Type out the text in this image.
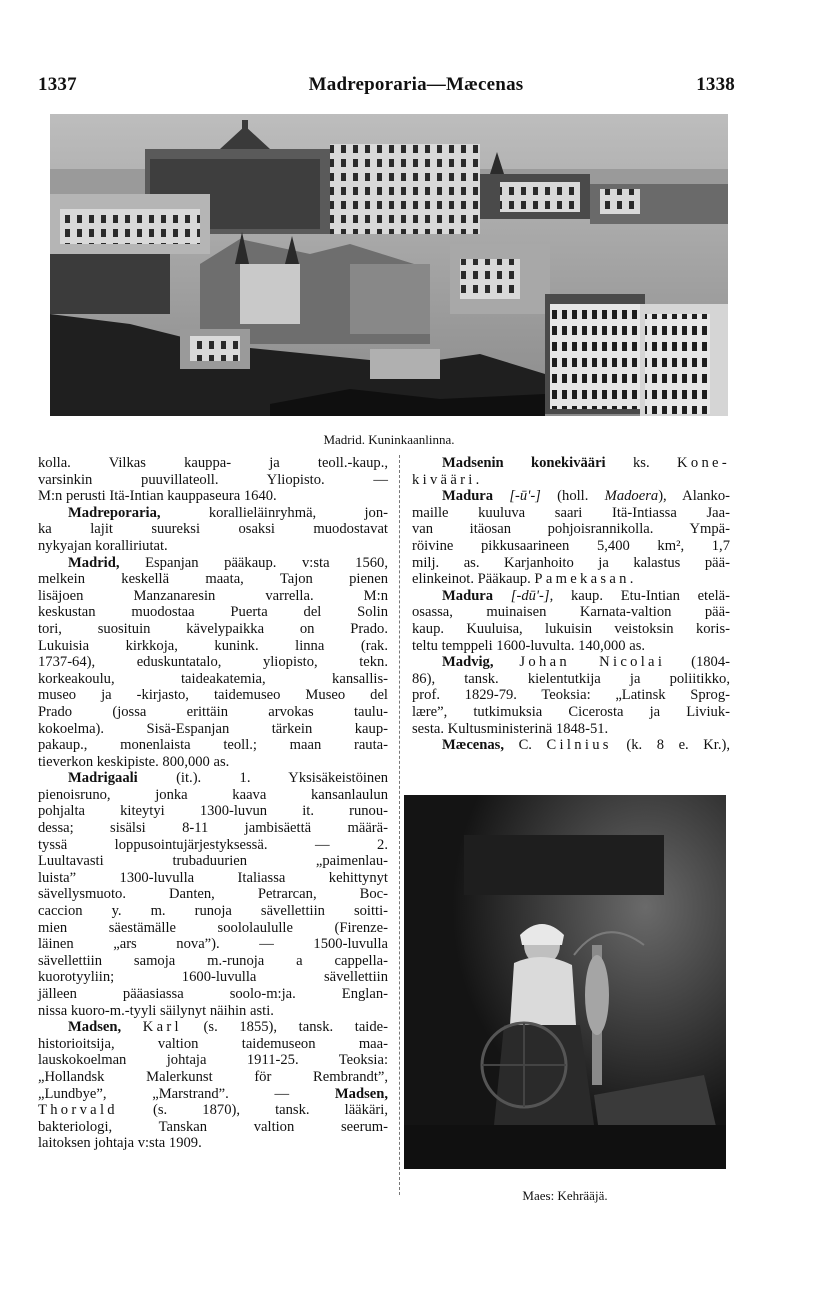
1337	Madreporaria—Mæcenas	1338
Madrid. Kuninkaanlinna.

kolla. Vilkas kauppa- ja teoll.-kaup.,

varsinkin puuvillateoll. Yliopisto. —

M:n perusti Itä-Intian kauppaseura 1640.

Madreporaria, korallieläinryhmä, jon-

ka lajit suureksi osaksi muodostavat

nykyajan koralliriutat.

Madrid, Espanjan pääkaup. v:sta 1560,

melkein keskellä maata, Tajon pienen

lisäjoen Manzanaresin varrella. M:n

keskustan muodostaa Puerta del Solin

tori, suosituin kävelypaikka on Prado.

Lukuisia kirkkoja, kunink. linna (rak.

1737-64), eduskuntatalo, yliopisto, tekn.

korkeakoulu, taideakatemia, kansallis-

museo ja -kirjasto, taidemuseo Museo del

Prado (jossa erittäin arvokas taulu-

kokoelma). Sisä-Espanjan tärkein kaup-

pakaup., monenlaista teoll.; maan rauta-

tieverkon keskipiste. 800,000 as.

Madrigaali (it.). 1. Yksisäkeistöinen

pienoisruno, jonka kaava kansanlaulun

pohjalta kiteytyi 1300-luvun it. runou-

dessa; sisälsi 8-11 jambisäettä määrä-

tyssä loppusointujärjestyksessä. — 2.

Luultavasti trubaduurien „paimenlau-

luista” 1300-luvulla Italiassa kehittynyt

sävellysmuoto. Danten, Petrarcan, Boc-

caccion y. m. runoja sävellettiin soitti-

mien säestämälle soololaululle (Firenze-

läinen „ars nova”). — 1500-luvulla

sävellettiin samoja m.-runoja a cappella-

kuorotyyliin; 1600-luvulla sävellettiin

jälleen pääasiassa soolo-m:ja. Englan-

nissa kuoro-m.-tyyli säilynyt näihin asti.

Madsen, Karl (s. 1855), tansk. taide-

historioitsija, valtion taidemuseon maa-

lauskokoelman johtaja 1911-25. Teoksia:

„Hollandsk Malerkunst för Rembrandt”,

„Lundbye”, „Marstrand”. — Madsen,

Thorvald (s. 1870), tansk. lääkäri,

bakteriologi, Tanskan valtion seerum-

laitoksen johtaja v:sta 1909.

Madsenin konekivääri ks. Kone-

kivääri.

Madura [-ū'-] (holl. Madoera), Alanko-

maille kuuluva saari Itä-Intiassa Jaa-

van itäosan pohjoisrannikolla. Ympä-

röivine pikkusaarineen 5,400 km², 1,7

milj. as. Karjanhoito ja kalastus pää-

elinkeinot. Pääkaup. Pamekasan.

Madura [-dū'-], kaup. Etu-Intian etelä-

osassa, muinaisen Karnata-valtion pää-

kaup. Kuuluisa, lukuisin veistoksin koris-

teltu temppeli 1600-luvulta. 140,000 as.

Madvig, Johan Nicolai (1804-

86), tansk. kielentutkija ja poliitikko,

prof. 1829-79. Teoksia: „Latinsk Sprog-

lære”, tutkimuksia Cicerosta ja Liviuk-

sesta. Kultusministerinä 1848-51.

Mæcenas, C. Cilnius (k. 8 e. Kr.),

Maes: Kehrääjä.
